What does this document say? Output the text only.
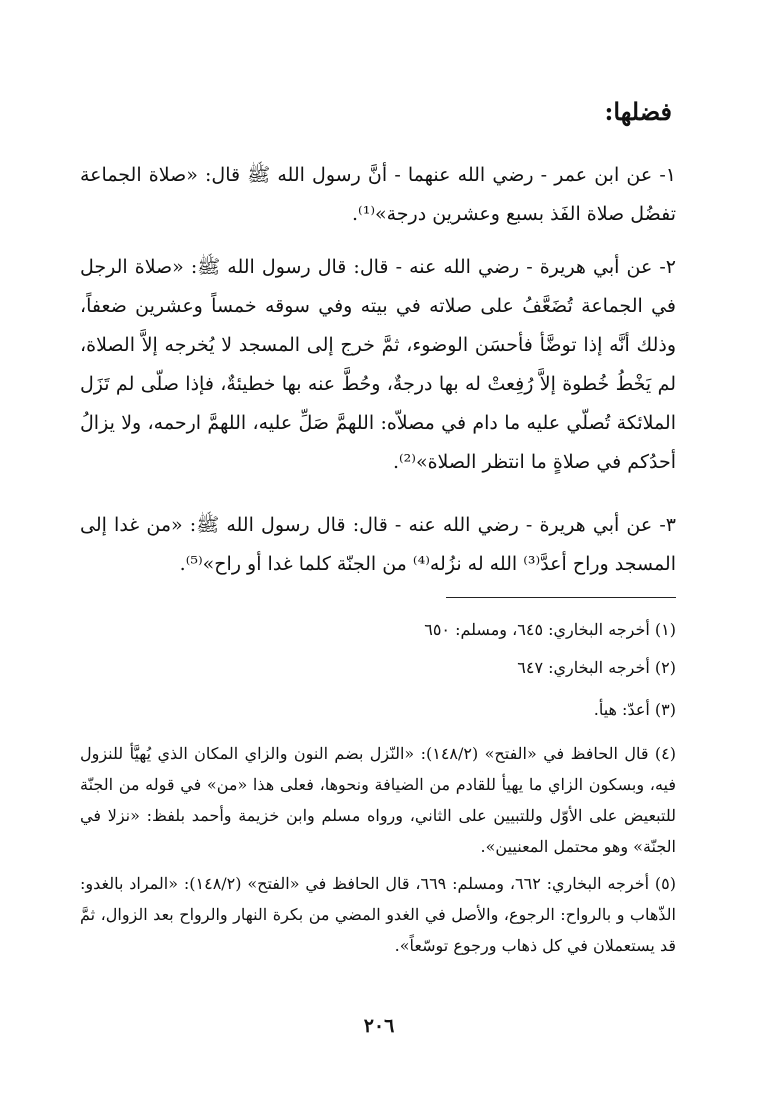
فضلها:

١- عن ابن عمر - رضي الله عنهما - أنَّ رسول الله ﷺ قال: «صلاة الجماعة تفضُل صلاة الفَذ بسبع وعشرين درجة»⁽¹⁾.

٢- عن أبي هريرة - رضي الله عنه - قال: قال رسول الله ﷺ: «صلاة الرجل في الجماعة تُضَعَّفُ على صلاته في بيته وفي سوقه خمساً وعشرين ضعفاً، وذلك أنَّه إذا توضَّأ فأحسَن الوضوء، ثمَّ خرج إلى المسجد لا يُخرجه إلاَّ الصلاة، لم يَخْطُ خُطوة إلاَّ رُفِعتْ له بها درجةٌ، وحُطَّ عنه بها خطيئةٌ، فإذا صلّى لم تَزَل الملائكة تُصلّي عليه ما دام في مصلاّه: اللهمَّ صَلِّ عليه، اللهمَّ ارحمه، ولا يزالُ أحدُكم في صلاةٍ ما انتظر الصلاة»⁽²⁾.

٣- عن أبي هريرة - رضي الله عنه - قال: قال رسول الله ﷺ: «من غدا إلى المسجد وراح أعدَّ⁽³⁾ الله له نزُله⁽⁴⁾ من الجنّة كلما غدا أو راح»⁽⁵⁾.

(١) أخرجه البخاري: ٦٤٥، ومسلم: ٦٥٠

(٢) أخرجه البخاري: ٦٤٧

(٣) أعدّ: هيأ.

(٤) قال الحافظ في «الفتح» (١٤٨/٢): «النّزل بضم النون والزاي المكان الذي يُهيَّأ للنزول فيه، وبسكون الزاي ما يهيأ للقادم من الضيافة ونحوها، فعلى هذا «من» في قوله من الجنّة للتبعيض على الأوّل وللتبيين على الثاني، ورواه مسلم وابن خزيمة وأحمد بلفظ: «نزلا في الجنّة» وهو محتمل المعنيين».

(٥) أخرجه البخاري: ٦٦٢، ومسلم: ٦٦٩، قال الحافظ في «الفتح» (١٤٨/٢): «المراد بالغدو: الذّهاب و بالرواح: الرجوع، والأصل في الغدو المضي من بكرة النهار والرواح بعد الزوال، ثمَّ قد يستعملان في كل ذهاب ورجوع توسّعاً».

٢٠٦
